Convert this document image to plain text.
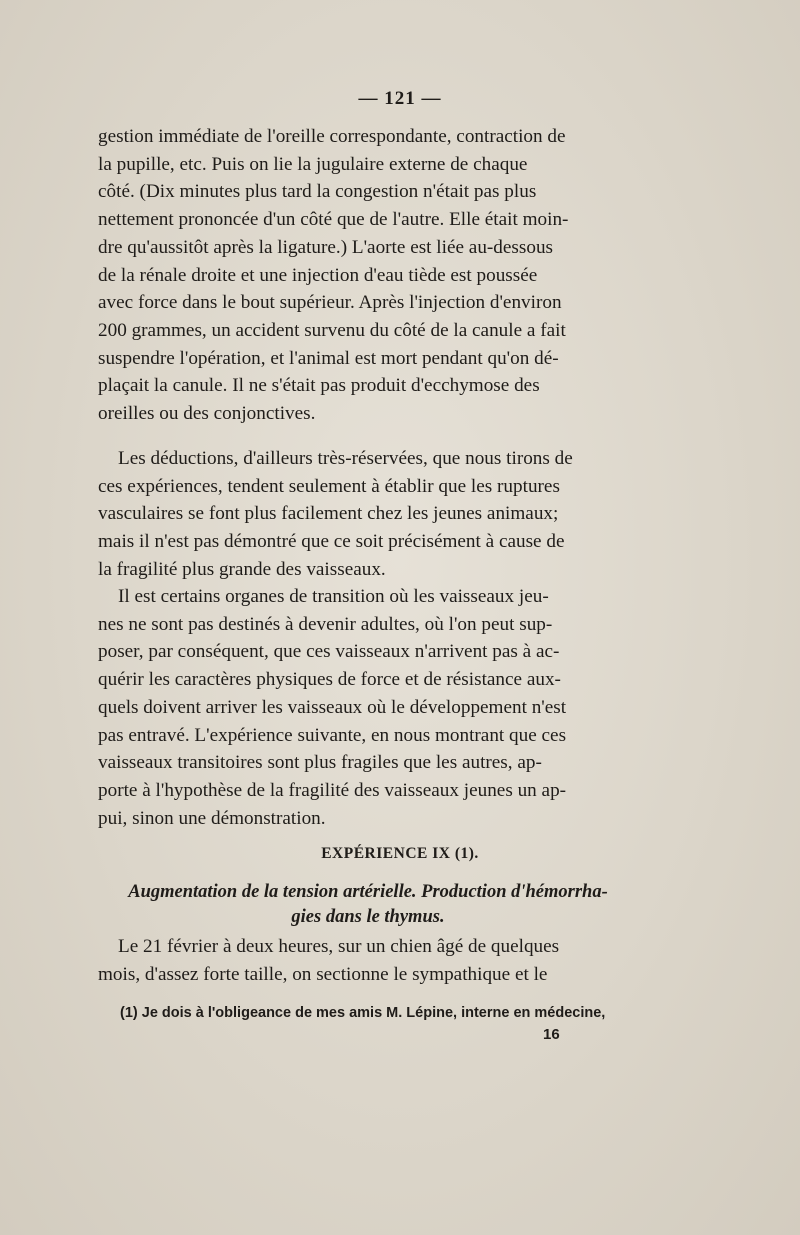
— 121 —

gestion immédiate de l'oreille correspondante, contraction de

la pupille, etc. Puis on lie la jugulaire externe de chaque

côté. (Dix minutes plus tard la congestion n'était pas plus

nettement prononcée d'un côté que de l'autre. Elle était moin-

dre qu'aussitôt après la ligature.) L'aorte est liée au-dessous

de la rénale droite et une injection d'eau tiède est poussée

avec force dans le bout supérieur. Après l'injection d'environ

200 grammes, un accident survenu du côté de la canule a fait

suspendre l'opération, et l'animal est mort pendant qu'on dé-

plaçait la canule. Il ne s'était pas produit d'ecchymose des

oreilles ou des conjonctives.

Les déductions, d'ailleurs très-réservées, que nous tirons de

ces expériences, tendent seulement à établir que les ruptures

vasculaires se font plus facilement chez les jeunes animaux;

mais il n'est pas démontré que ce soit précisément à cause de

la fragilité plus grande des vaisseaux.

Il est certains organes de transition où les vaisseaux jeu-

nes ne sont pas destinés à devenir adultes, où l'on peut sup-

poser, par conséquent, que ces vaisseaux n'arrivent pas à ac-

quérir les caractères physiques de force et de résistance aux-

quels doivent arriver les vaisseaux où le développement n'est

pas entravé. L'expérience suivante, en nous montrant que ces

vaisseaux transitoires sont plus fragiles que les autres, ap-

porte à l'hypothèse de la fragilité des vaisseaux jeunes un ap-

pui, sinon une démonstration.

EXPÉRIENCE IX (1).
Augmentation de la tension artérielle. Production d'hémorrha-
gies dans le thymus.

Le 21 février à deux heures, sur un chien âgé de quelques

mois, d'assez forte taille, on sectionne le sympathique et le

(1) Je dois à l'obligeance de mes amis M. Lépine, interne en médecine,
16
